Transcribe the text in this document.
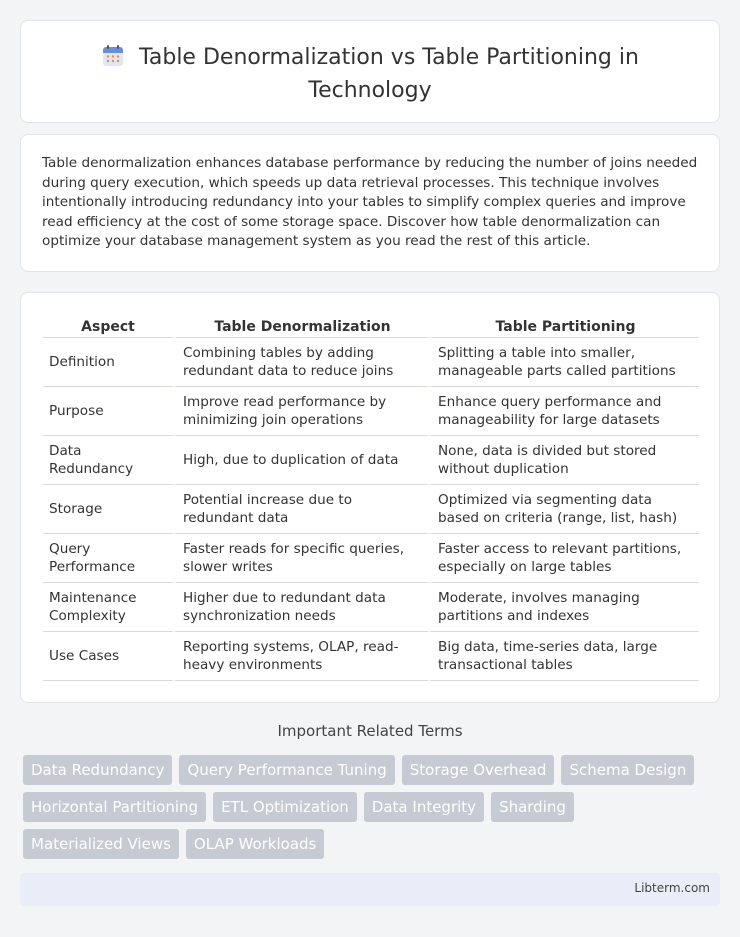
Table Denormalization vs Table Partitioning in Technology

Table denormalization enhances database performance by reducing the number of joins needed during query execution, which speeds up data retrieval processes. This technique involves intentionally introducing redundancy into your tables to simplify complex queries and improve read efficiency at the cost of some storage space. Discover how table denormalization can optimize your database management system as you read the rest of this article.

Aspect	Table Denormalization	Table Partitioning
Definition	Combining tables by adding redundant data to reduce joins	Splitting a table into smaller, manageable parts called partitions
Purpose	Improve read performance by minimizing join operations	Enhance query performance and manageability for large datasets
Data Redundancy	High, due to duplication of data	None, data is divided but stored without duplication
Storage	Potential increase due to redundant data	Optimized via segmenting data based on criteria (range, list, hash)
Query Performance	Faster reads for specific queries, slower writes	Faster access to relevant partitions, especially on large tables
Maintenance Complexity	Higher due to redundant data synchronization needs	Moderate, involves managing partitions and indexes
Use Cases	Reporting systems, OLAP, read-heavy environments	Big data, time-series data, large transactional tables
Important Related Terms
Data Redundancy	Query Performance Tuning	Storage Overhead	Schema Design
Horizontal Partitioning	ETL Optimization	Data Integrity	Sharding
Materialized Views	OLAP Workloads
Libterm.com
